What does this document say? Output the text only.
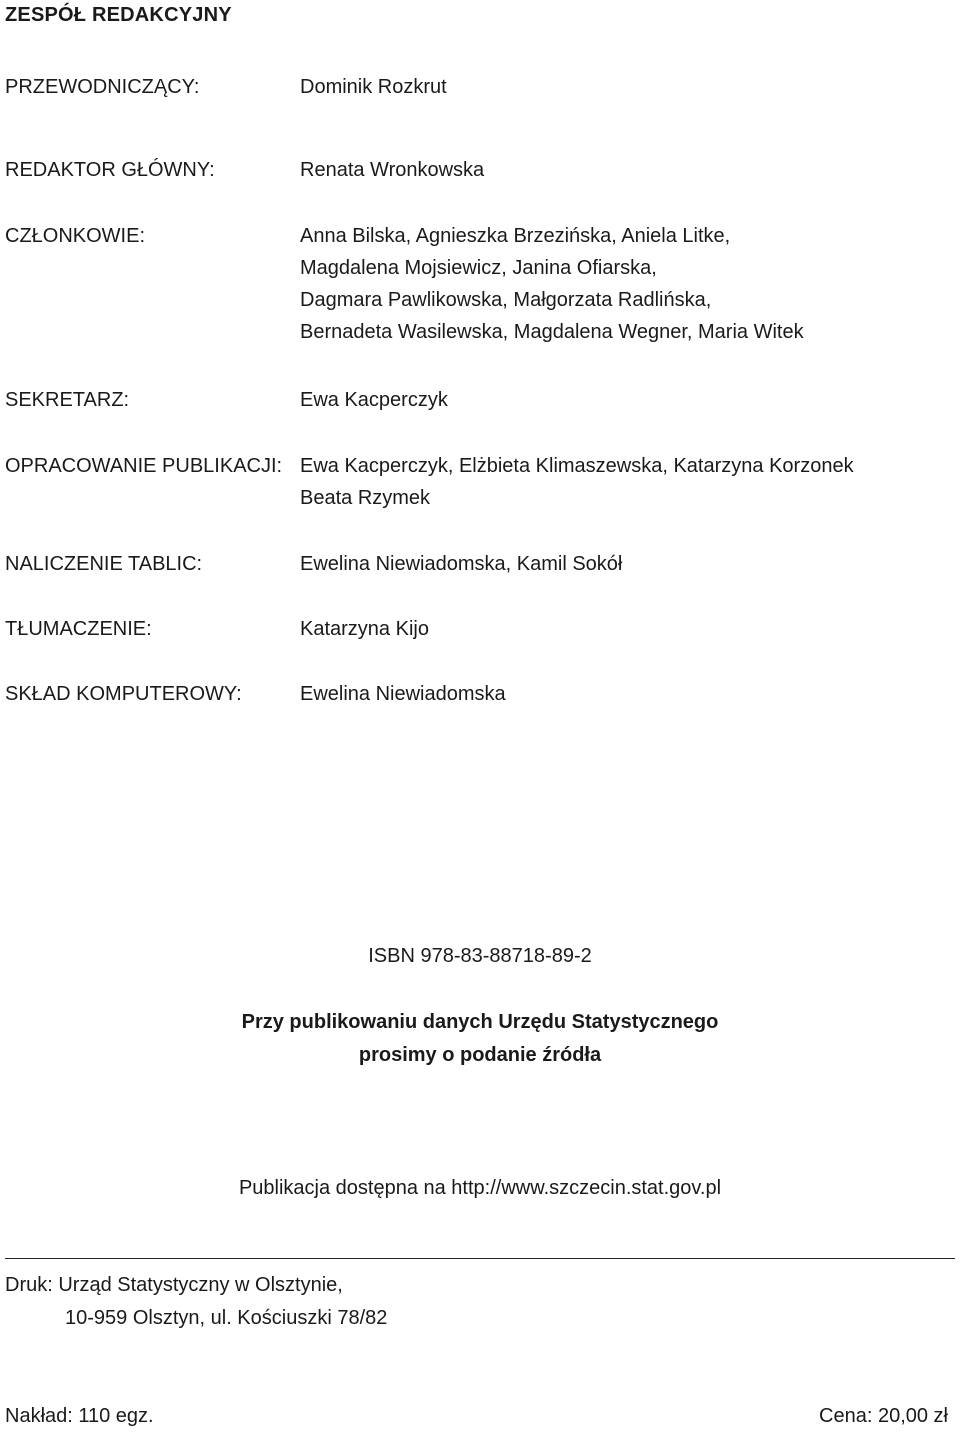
ZESPÓŁ REDAKCYJNY
PRZEWODNICZĄCY:	Dominik Rozkrut
REDAKTOR GŁÓWNY:	Renata Wronkowska
CZŁONKOWIE:	Anna Bilska, Agnieszka Brzezińska, Aniela Litke,
Magdalena Mojsiewicz, Janina Ofiarska,
Dagmara Pawlikowska, Małgorzata Radlińska,
Bernadeta Wasilewska, Magdalena Wegner, Maria Witek
SEKRETARZ:	Ewa Kacperczyk
OPRACOWANIE PUBLIKACJI: Ewa Kacperczyk, Elżbieta Klimaszewska, Katarzyna Korzonek
Beata Rzymek
NALICZENIE TABLIC:	Ewelina Niewiadomska, Kamil Sokół
TŁUMACZENIE:	Katarzyna Kijo
SKŁAD KOMPUTEROWY:	Ewelina Niewiadomska
ISBN 978-83-88718-89-2
Przy publikowaniu danych Urzędu Statystycznego
prosimy o podanie źródła
Publikacja dostępna na http://www.szczecin.stat.gov.pl
Druk: Urząd Statystyczny w Olsztynie,
10-959 Olsztyn, ul. Kościuszki 78/82
Nakład: 110 egz.	Cena: 20,00 zł
